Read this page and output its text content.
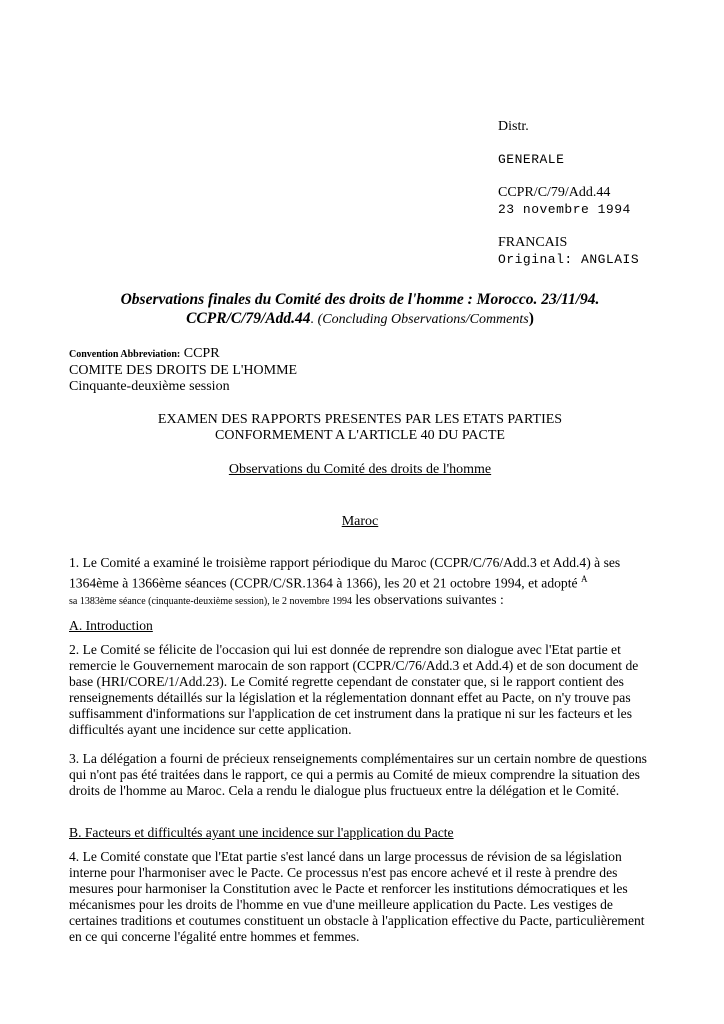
Distr.
GENERALE
CCPR/C/79/Add.44
23 novembre 1994
FRANCAIS
Original: ANGLAIS
Observations finales du Comité des droits de l'homme : Morocco. 23/11/94.
CCPR/C/79/Add.44. (Concluding Observations/Comments)
Convention Abbreviation: CCPR
COMITE DES DROITS DE L'HOMME
Cinquante-deuxième session
EXAMEN DES RAPPORTS PRESENTES PAR LES ETATS PARTIES
CONFORMEMENT A L'ARTICLE 40 DU PACTE
Observations du Comité des droits de l'homme
Maroc

1. Le Comité a examiné le troisième rapport périodique du Maroc (CCPR/C/76/Add.3 et Add.4) à ses 1364ème à 1366ème séances (CCPR/C/SR.1364 à 1366), les 20 et 21 octobre 1994, et adopté $^A$
sa 1383ème séance (cinquante-deuxième session), le 2 novembre 1994 les observations suivantes :

A. Introduction

2. Le Comité se félicite de l'occasion qui lui est donnée de reprendre son dialogue avec l'Etat partie et remercie le Gouvernement marocain de son rapport (CCPR/C/76/Add.3 et Add.4) et de son document de base (HRI/CORE/1/Add.23). Le Comité regrette cependant de constater que, si le rapport contient des renseignements détaillés sur la législation et la réglementation donnant effet au Pacte, on n'y trouve pas suffisamment d'informations sur l'application de cet instrument dans la pratique ni sur les facteurs et les difficultés ayant une incidence sur cette application.

3. La délégation a fourni de précieux renseignements complémentaires sur un certain nombre de questions qui n'ont pas été traitées dans le rapport, ce qui a permis au Comité de mieux comprendre la situation des droits de l'homme au Maroc. Cela a rendu le dialogue plus fructueux entre la délégation et le Comité.

B. Facteurs et difficultés ayant une incidence sur l'application du Pacte

4. Le Comité constate que l'Etat partie s'est lancé dans un large processus de révision de sa législation interne pour l'harmoniser avec le Pacte. Ce processus n'est pas encore achevé et il reste à prendre des mesures pour harmoniser la Constitution avec le Pacte et renforcer les institutions démocratiques et les mécanismes pour les droits de l'homme en vue d'une meilleure application du Pacte. Les vestiges de certaines traditions et coutumes constituent un obstacle à l'application effective du Pacte, particulièrement en ce qui concerne l'égalité entre hommes et femmes.
